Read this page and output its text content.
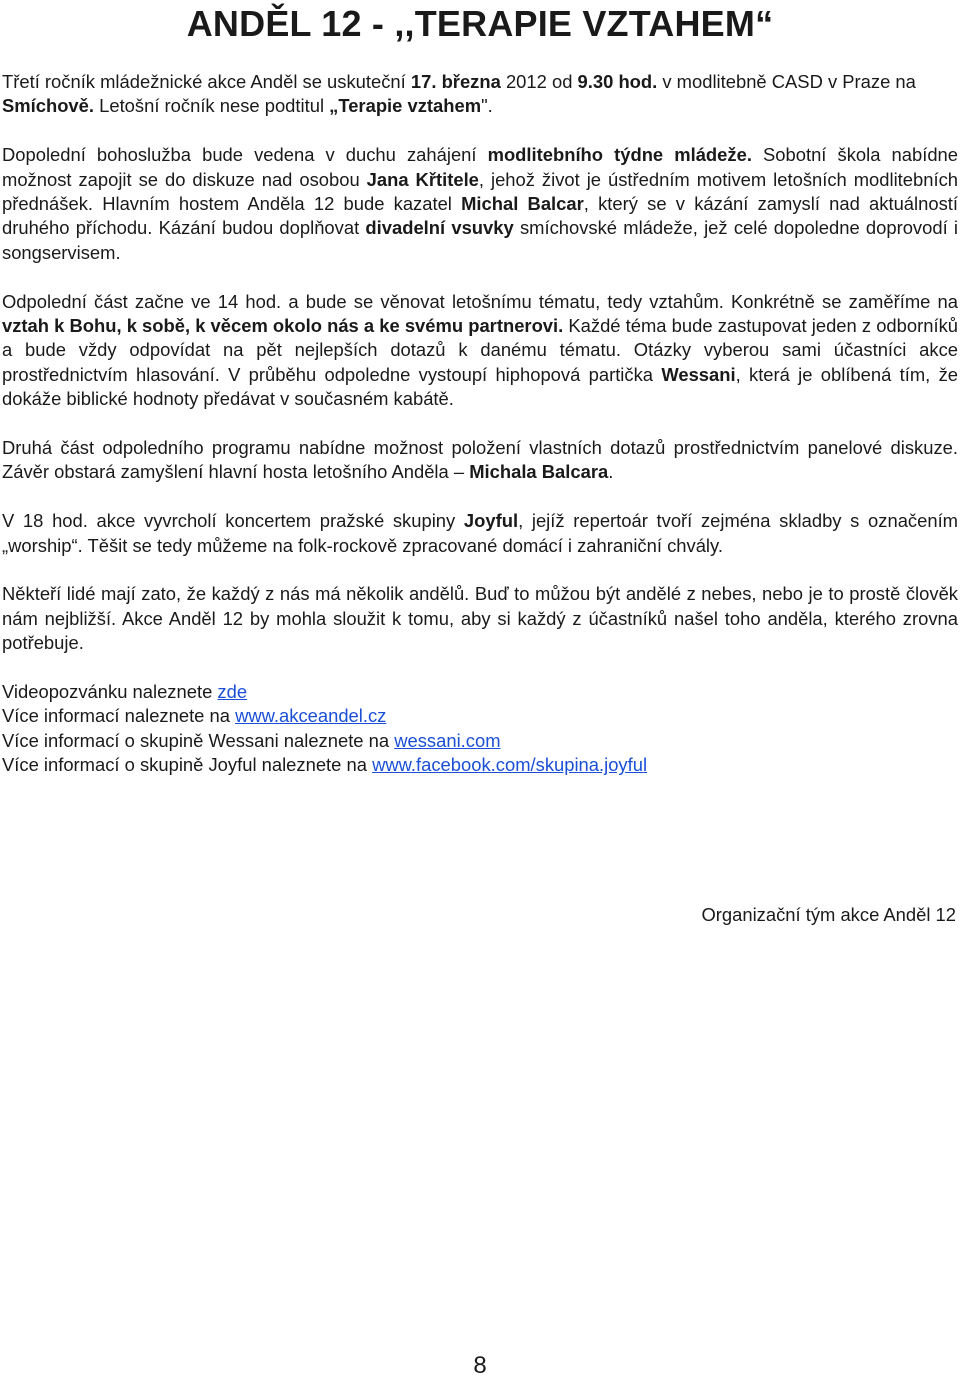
ANDĚL 12 - ,,TERAPIE VZTAHEM“

Třetí ročník mládežnické akce Anděl se uskuteční 17. března 2012 od 9.30 hod. v modlitebně CASD v Praze na Smíchově. Letošní ročník nese podtitul „Terapie vztahem".

Dopolední bohoslužba bude vedena v duchu zahájení modlitebního týdne mládeže. Sobotní škola nabídne možnost zapojit se do diskuze nad osobou Jana Křtitele, jehož život je ústředním motivem letošních modlitebních přednášek. Hlavním hostem Anděla 12 bude kazatel Michal Balcar, který se v kázání zamyslí nad aktuálností druhého příchodu. Kázání budou doplňovat divadelní vsuvky smíchovské mládeže, jež celé dopoledne doprovodí i songservisem.

Odpolední část začne ve 14 hod. a bude se věnovat letošnímu tématu, tedy vztahům. Konkrétně se zaměříme na vztah k Bohu, k sobě, k věcem okolo nás a ke svému partnerovi. Každé téma bude zastupovat jeden z odborníků a bude vždy odpovídat na pět nejlepších dotazů k danému tématu. Otázky vyberou sami účastníci akce prostřednictvím hlasování. V průběhu odpoledne vystoupí hiphopová partička Wessani, která je oblíbená tím, že dokáže biblické hodnoty předávat v současném kabátě.

Druhá část odpoledního programu nabídne možnost položení vlastních dotazů prostřednictvím panelové diskuze. Závěr obstará zamyšlení hlavní hosta letošního Anděla – Michala Balcara.

V 18 hod. akce vyvrcholí koncertem pražské skupiny Joyful, jejíž repertoár tvoří zejména skladby s označením „worship“. Těšit se tedy můžeme na folk-rockově zpracované domácí i zahraniční chvály.

Někteří lidé mají zato, že každý z nás má několik andělů. Buď to můžou být andělé z nebes, nebo je to prostě člověk nám nejbližší. Akce Anděl 12 by mohla sloužit k tomu, aby si každý z účastníků našel toho anděla, kterého zrovna potřebuje.

Videopozvánku naleznete zde
Více informací naleznete na www.akceandel.cz
Více informací o skupině Wessani naleznete na wessani.com
Více informací o skupině Joyful naleznete na www.facebook.com/skupina.joyful
Organizační tým akce Anděl 12
8
